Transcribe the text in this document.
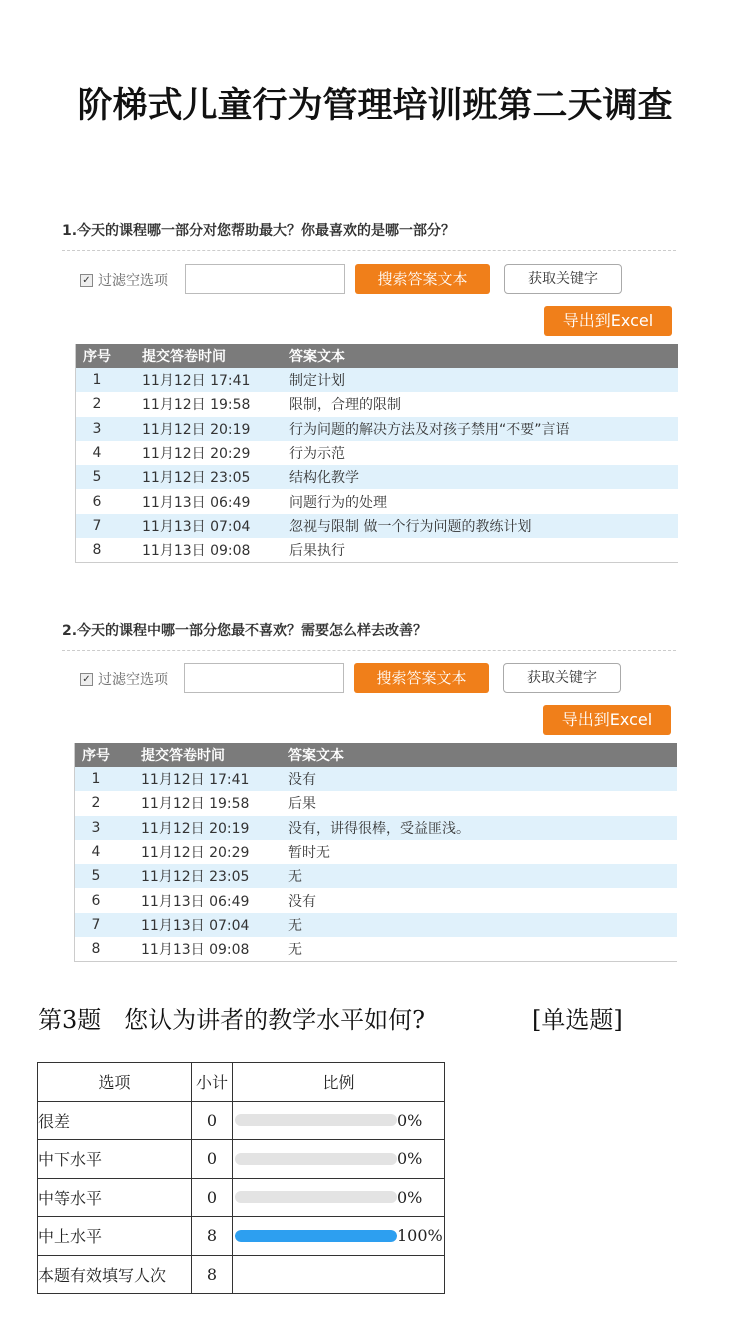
阶梯式儿童行为管理培训班第二天调查
1.今天的课程哪一部分对您帮助最大？你最喜欢的是哪一部分？
✓ 过滤空选项	搜索答案文本	获取关键字
导出到Excel
序号	提交答卷时间	答案文本
1	11月12日 17:41	制定计划
2	11月12日 19:58	限制，合理的限制
3	11月12日 20:19	行为问题的解决方法及对孩子禁用“不要”言语
4	11月12日 20:29	行为示范
5	11月12日 23:05	结构化教学
6	11月13日 06:49	问题行为的处理
7	11月13日 07:04	忽视与限制 做一个行为问题的教练计划
8	11月13日 09:08	后果执行
2.今天的课程中哪一部分您最不喜欢？需要怎么样去改善？
✓ 过滤空选项	搜索答案文本	获取关键字
导出到Excel
序号	提交答卷时间	答案文本
1	11月12日 17:41	没有
2	11月12日 19:58	后果
3	11月12日 20:19	没有，讲得很棒，受益匪浅。
4	11月12日 20:29	暂时无
5	11月12日 23:05	无
6	11月13日 06:49	没有
7	11月13日 07:04	无
8	11月13日 09:08	无
第3题   您认为讲者的教学水平如何?	[单选题]
选项	小计	比例
很差	0	0%

中下水平	0	0%

中等水平	0	0%

中上水平	8	100%

本题有效填写人次	8	
